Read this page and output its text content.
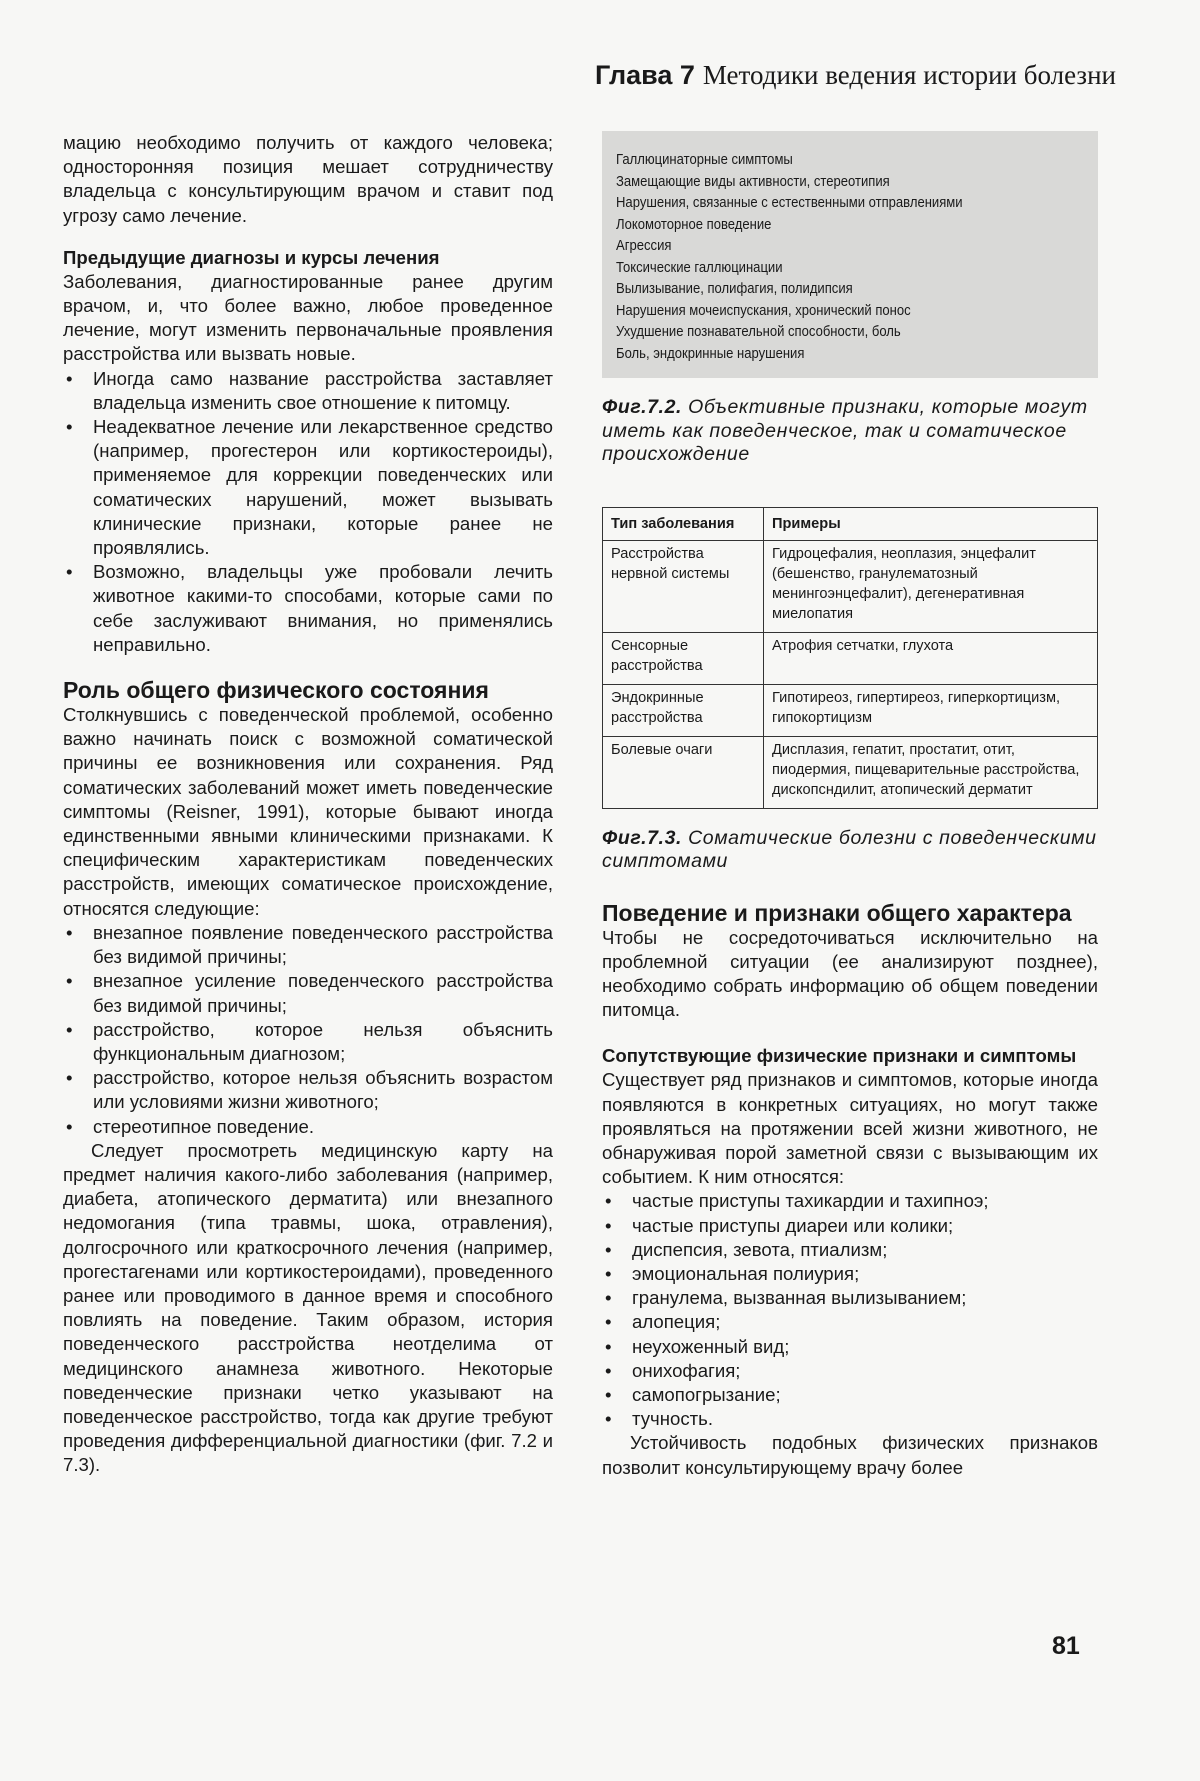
Глава 7 Методики ведения истории болезни

мацию необходимо получить от каждого человека; односторонняя позиция мешает сотрудничеству владельца с консультирующим врачом и ставит под угрозу само лечение.

Предыдущие диагнозы и курсы лечения

Заболевания, диагностированные ранее другим врачом, и, что более важно, любое проведенное лечение, могут изменить первоначальные проявления расстройства или вызвать новые.

• Иногда само название расстройства заставляет владельца изменить свое отношение к питомцу.
• Неадекватное лечение или лекарственное средство (например, прогестерон или кортикостероиды), применяемое для коррекции поведенческих или соматических нарушений, может вызывать клинические признаки, которые ранее не проявлялись.
• Возможно, владельцы уже пробовали лечить животное какими-то способами, которые сами по себе заслуживают внимания, но применялись неправильно.
Роль общего физического состояния

Столкнувшись с поведенческой проблемой, особенно важно начинать поиск с возможной соматической причины ее возникновения или сохранения. Ряд соматических заболеваний может иметь поведенческие симптомы (Reisner, 1991), которые бывают иногда единственными явными клиническими признаками. К специфическим характеристикам поведенческих расстройств, имеющих соматическое происхождение, относятся следующие:

• внезапное появление поведенческого расстройства без видимой причины;
• внезапное усиление поведенческого расстройства без видимой причины;
• расстройство, которое нельзя объяснить функциональным диагнозом;
• расстройство, которое нельзя объяснить возрастом или условиями жизни животного;
• стереотипное поведение.

Следует просмотреть медицинскую карту на предмет наличия какого-либо заболевания (например, диабета, атопического дерматита) или внезапного недомогания (типа травмы, шока, отравления), долгосрочного или краткосрочного лечения (например, прогестагенами или кортикостероидами), проведенного ранее или проводимого в данное время и способного повлиять на поведение. Таким образом, история поведенческого расстройства неотделима от медицинского анамнеза животного. Некоторые поведенческие признаки четко указывают на поведенческое расстройство, тогда как другие требуют проведения дифференциальной диагностики (фиг. 7.2 и 7.3).

Галлюцинаторные симптомы
Замещающие виды активности, стереотипия
Нарушения, связанные с естественными отправлениями
Локомоторное поведение
Агрессия
Токсические галлюцинации
Вылизывание, полифагия, полидипсия
Нарушения мочеиспускания, хронический понос
Ухудшение познавательной способности, боль
Боль, эндокринные нарушения

Фиг.7.2. Объективные признаки, которые могут иметь как поведенческое, так и соматическое происхождение

Тип заболевания	Примеры
Расстройства нервной системы	Гидроцефалия, неоплазия, энцефалит (бешенство, гранулематозный менингоэнцефалит), дегенеративная миелопатия
Сенсорные расстройства	Атрофия сетчатки, глухота
Эндокринные расстройства	Гипотиреоз, гипертиреоз, гиперкортицизм, гипокортицизм
Болевые очаги	Дисплазия, гепатит, простатит, отит, пиодермия, пищеварительные расстройства, дископсндилит, атопический дерматит

Фиг.7.3. Соматические болезни с поведенческими симптомами

Поведение и признаки общего характера

Чтобы не сосредоточиваться исключительно на проблемной ситуации (ее анализируют позднее), необходимо собрать информацию об общем поведении питомца.

Сопутствующие физические признаки и симптомы

Существует ряд признаков и симптомов, которые иногда появляются в конкретных ситуациях, но могут также проявляться на протяжении всей жизни животного, не обнаруживая порой заметной связи с вызывающим их событием. К ним относятся:

• частые приступы тахикардии и тахипноэ;
• частые приступы диареи или колики;
• диспепсия, зевота, птиализм;
• эмоциональная полиурия;
• гранулема, вызванная вылизыванием;
• алопеция;
• неухоженный вид;
• онихофагия;
• самопогрызание;
• тучность.

Устойчивость подобных физических признаков позволит консультирующему врачу более

81
